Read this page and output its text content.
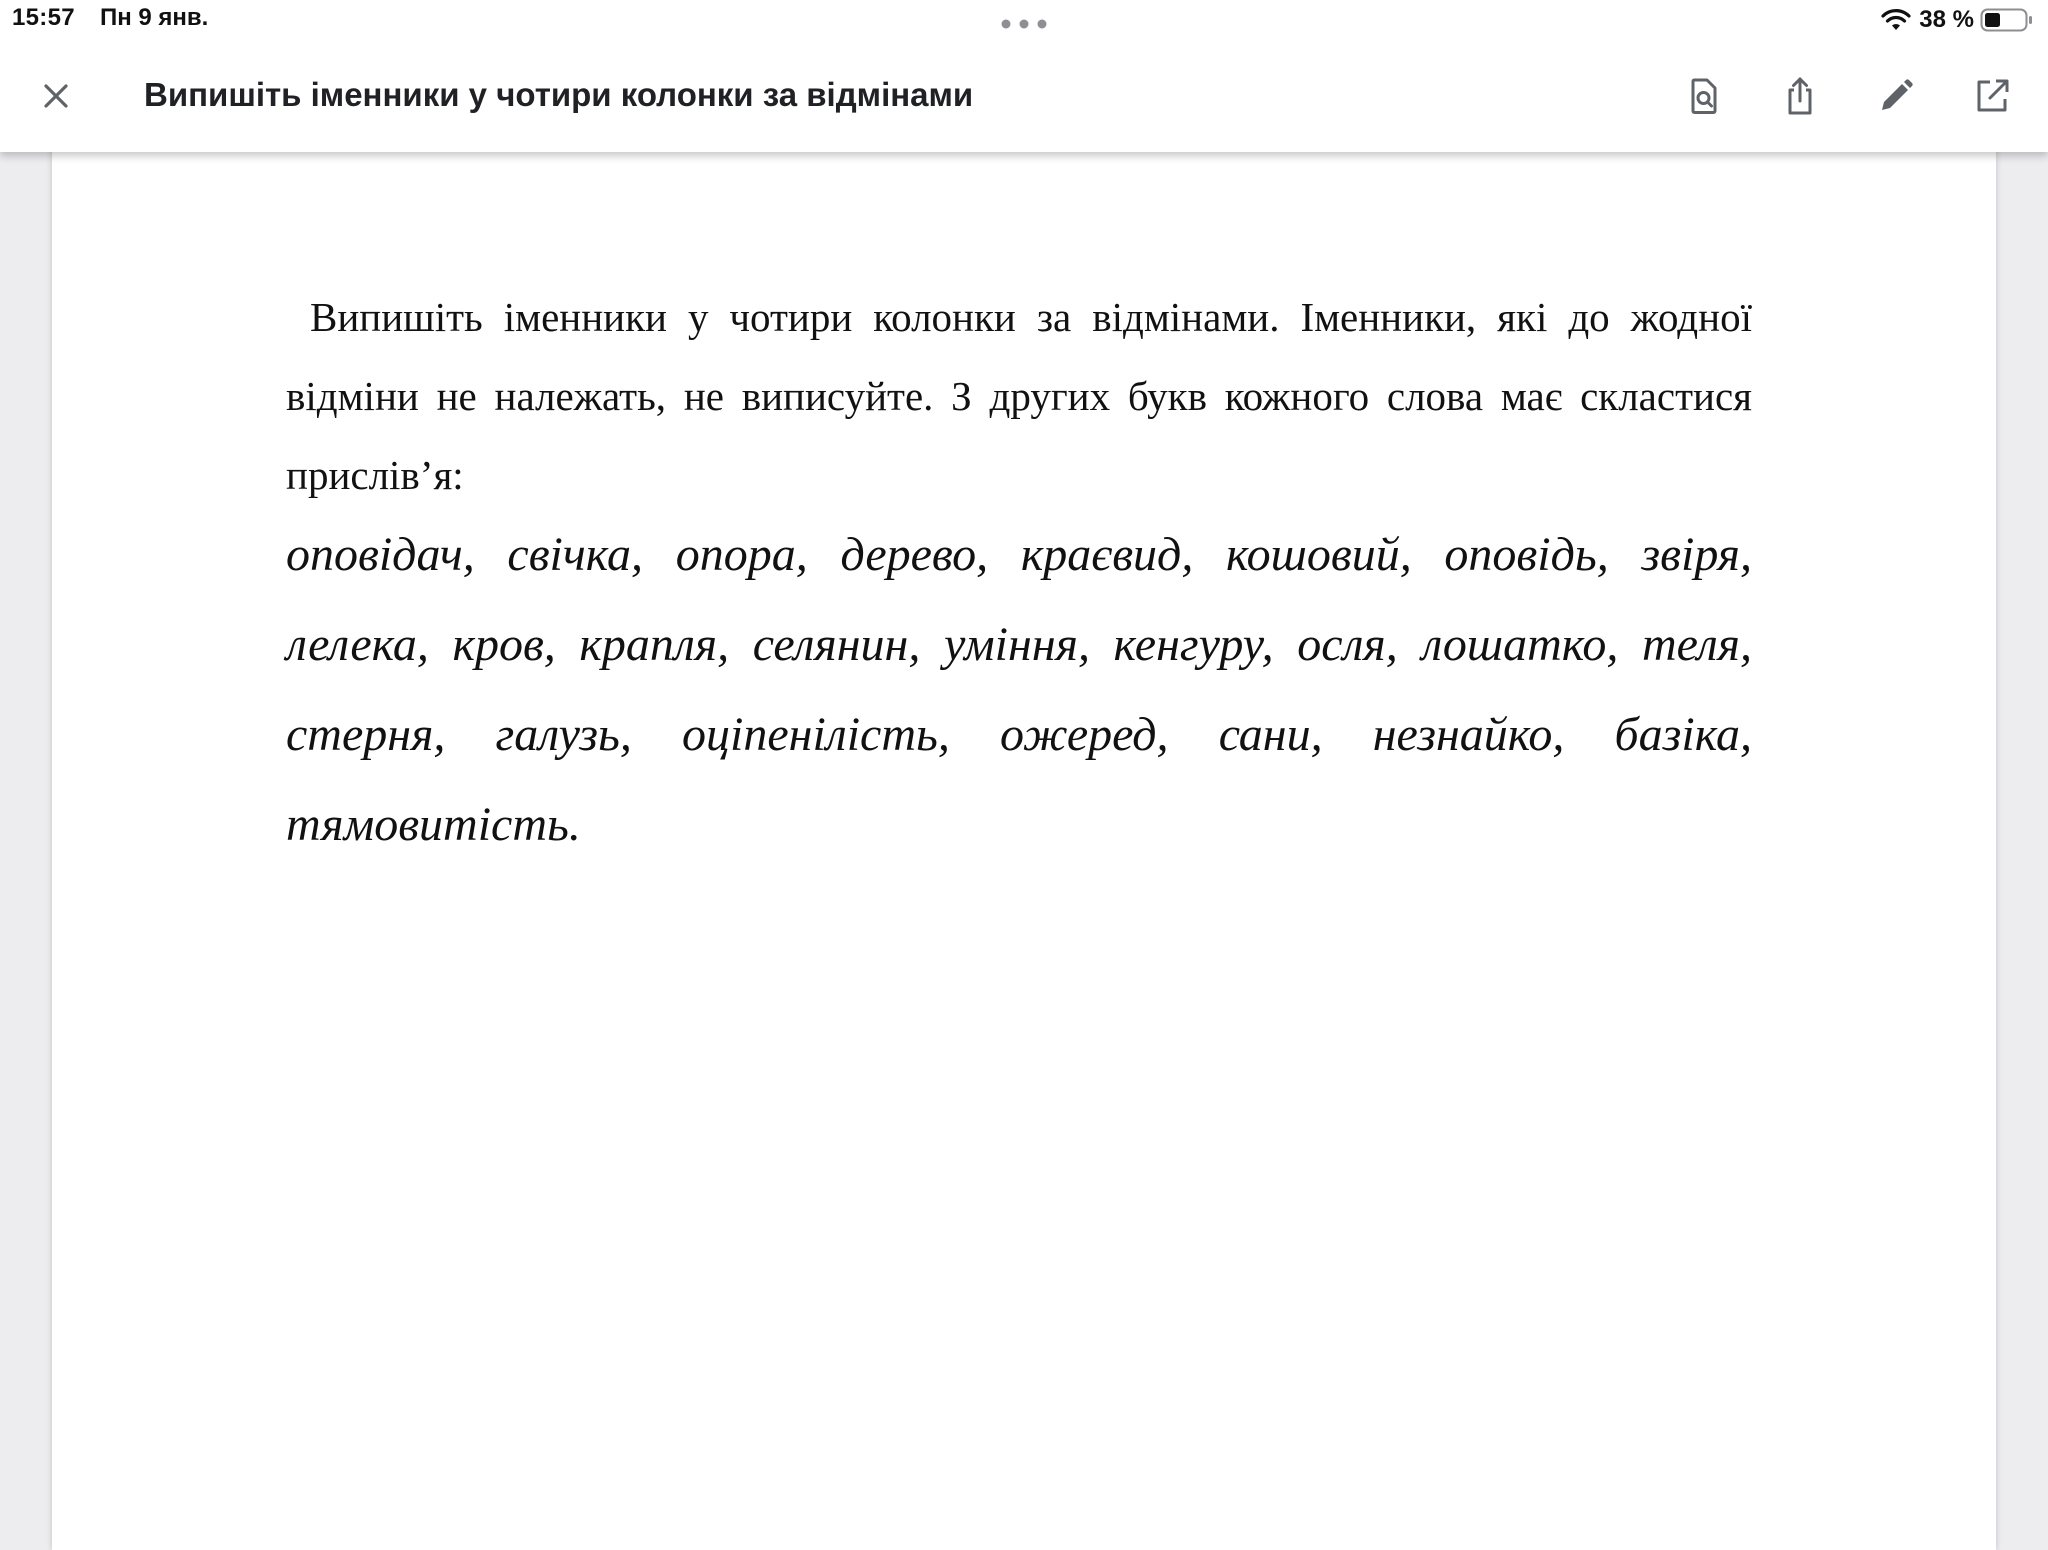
15:57 Пн 9 янв.	38 %
Випишіть іменники у чотири колонки за відмінами

Випишіть іменники у чотири колонки за відмінами. Іменники, які до жодної відміни не належать, не виписуйте. З других букв кожного слова має скластися прислів’я:

оповідач, свічка, опора, дерево, краєвид, кошовий, оповідь, звіря, лелека, кров, крапля, селянин, уміння, кенгуру, осля, лошатко, теля, стерня, галузь, оціпенілість, ожеред, сани, незнайко, базіка, тямовитість.
